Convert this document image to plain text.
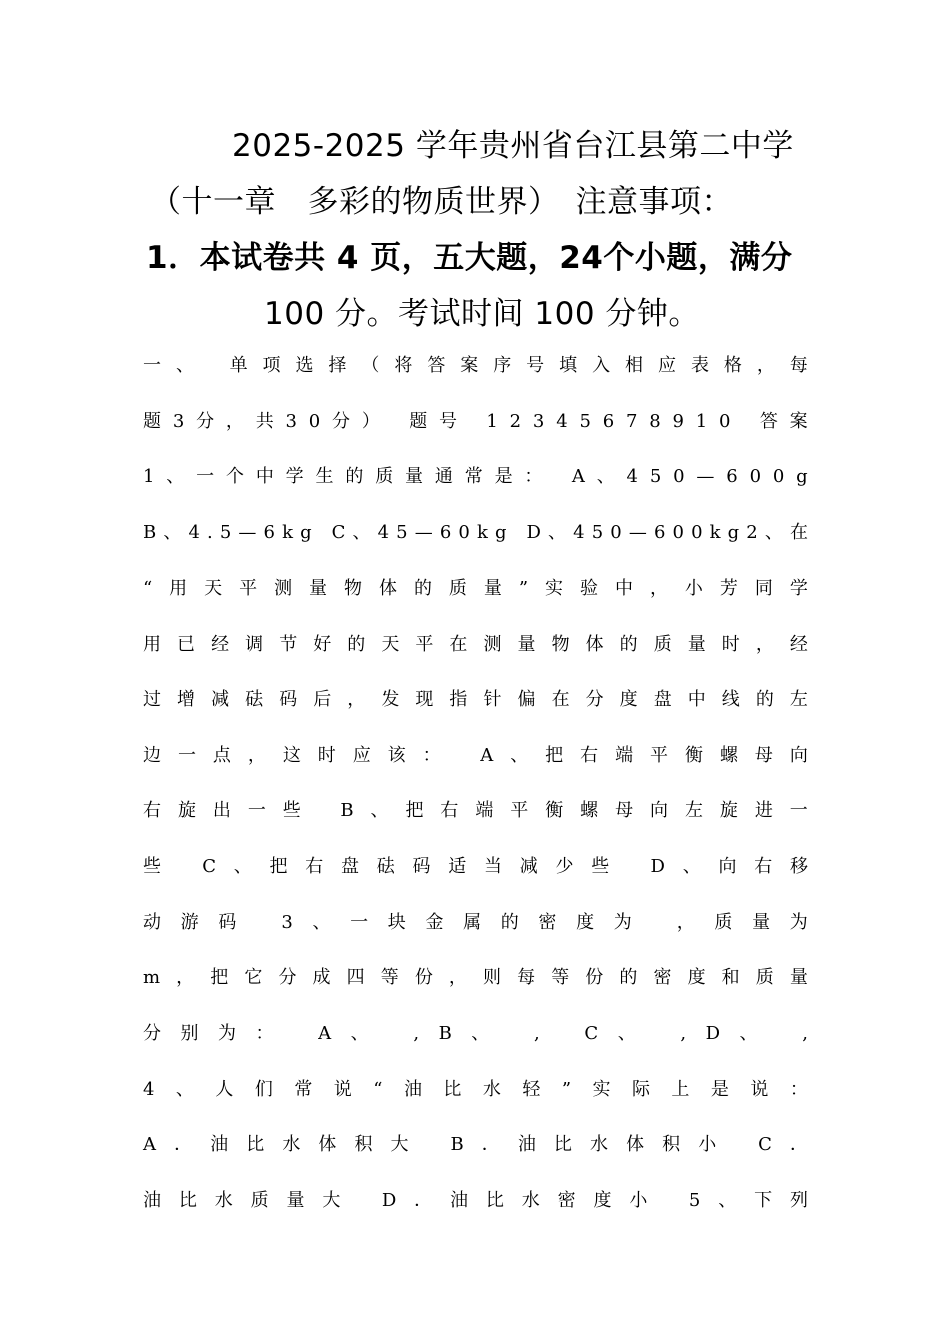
2025-2025 学年贵州省台江县第二中学
（十一章　多彩的物质世界）　注意事项：
1．本试卷共 4 页，五大题，24个小题，满分
100 分。考试时间 100 分钟。
一 、
单 项 选 择 （ 将 答 案 序 号 填 入 相 应 表 格 ， 每
题 3 分 ， 共 3 0 分 ）
题 号
1 2 3 4 5 6 7 8 9 1 0
答 案
1 、 一 个 中 学 生 的 质 量 通 常 是 ：
A 、 4 5 0 — 6 0 0 g
B 、 4 . 5 — 6 k g
C 、 4 5 — 6 0 k g
D 、 4 5 0 — 6 0 0 k g 2 、 在
“ 用 天 平 测 量 物 体 的 质 量 ” 实 验 中 ， 小 芳 同 学
用 已 经 调 节 好 的 天 平 在 测 量 物 体 的 质 量 时 ， 经
过 增 减 砝 码 后 ， 发 现 指 针 偏 在 分 度 盘 中 线 的 左
边 一 点 ， 这 时 应 该 ：
A 、 把 右 端 平 衡 螺 母 向
右 旋 出 一 些
B 、 把 右 端 平 衡 螺 母 向 左 旋 进 一
些
C 、 把 右 盘 砝 码 适 当 减 少 些
D 、 向 右 移
动 游 码
	3 、 一 块 金 属 的 密 度 为
	， 质 量 为
m ， 把 它 分 成 四 等 份 ， 则 每 等 份 的 密 度 和 质 量
分 别 为 ：
A 、
, B 、
,
C 、
, D 、
,
4 、 人 们 常 说 “ 油 比 水 轻 ” 实 际 上 是 说 ：
A ． 油 比 水 体 积 大
B ． 油 比 水 体 积 小
C ．
油 比 水 质 量 大
D ． 油 比 水 密 度 小
5 、 下 列
